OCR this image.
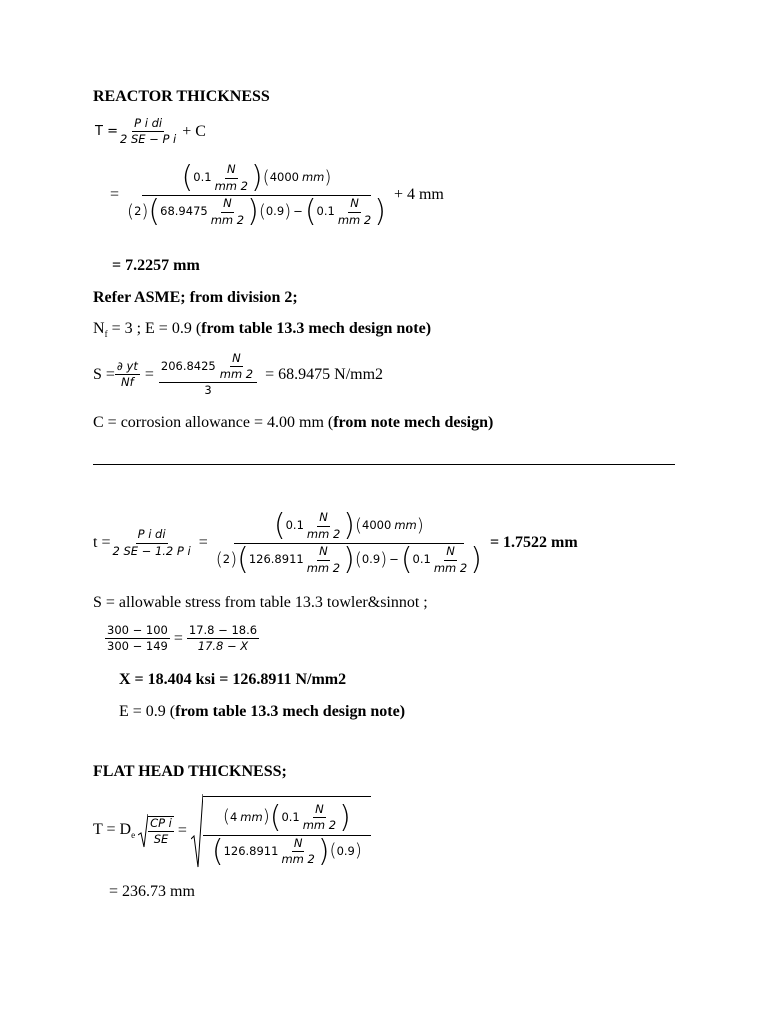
REACTOR THICKNESS
$T = \frac{\text{P i di}}{\text{2 SE − P i}} + C$
= ( $0.1 \frac{N}{mm 2}$ ) ( 4000 mm )
( 2 ) ( $68.9475 \frac{N}{mm 2}$ ) ( 0.9 ) − ( $0.1 \frac{N}{mm 2}$ ) + 4 mm
= 7.2257 mm
Refer ASME; from division 2;
$N_f = 3$ ; E = 0.9 (from table 13.3 mech design note)
$S = \frac{\partial yt}{Nf} = \frac{206.8425 \frac{N}{mm 2}}{3} = 68.9475$ N/mm2
C = corrosion allowance = 4.00 mm (from note mech design)
$t = \frac{\text{P i di}}{\text{2 SE − 1.2 P i}}$ = ( $0.1 \frac{N}{mm 2}$ ) ( 4000 mm )
( 2 ) ( $126.8911 \frac{N}{mm 2}$ ) ( 0.9 ) − ( $0.1 \frac{N}{mm 2}$ ) = 1.7522 mm
S = allowable stress from table 13.3 towler&sinnot ;
$\frac{300 - 100}{300 - 149} = \frac{17.8 - 18.6}{17.8 - X}$
X = 18.404 ksi = 126.8911 N/mm2
E = 0.9 (from table 13.3 mech design note)
FLAT HEAD THICKNESS;
$T = D_e \frac{\text{CP i}}{SE}$ =
( 4 mm ) ( $0.1 \frac{N}{mm 2}$ )
( $126.8911 \frac{N}{mm 2}$ ) ( 0.9 )
= 236.73 mm
